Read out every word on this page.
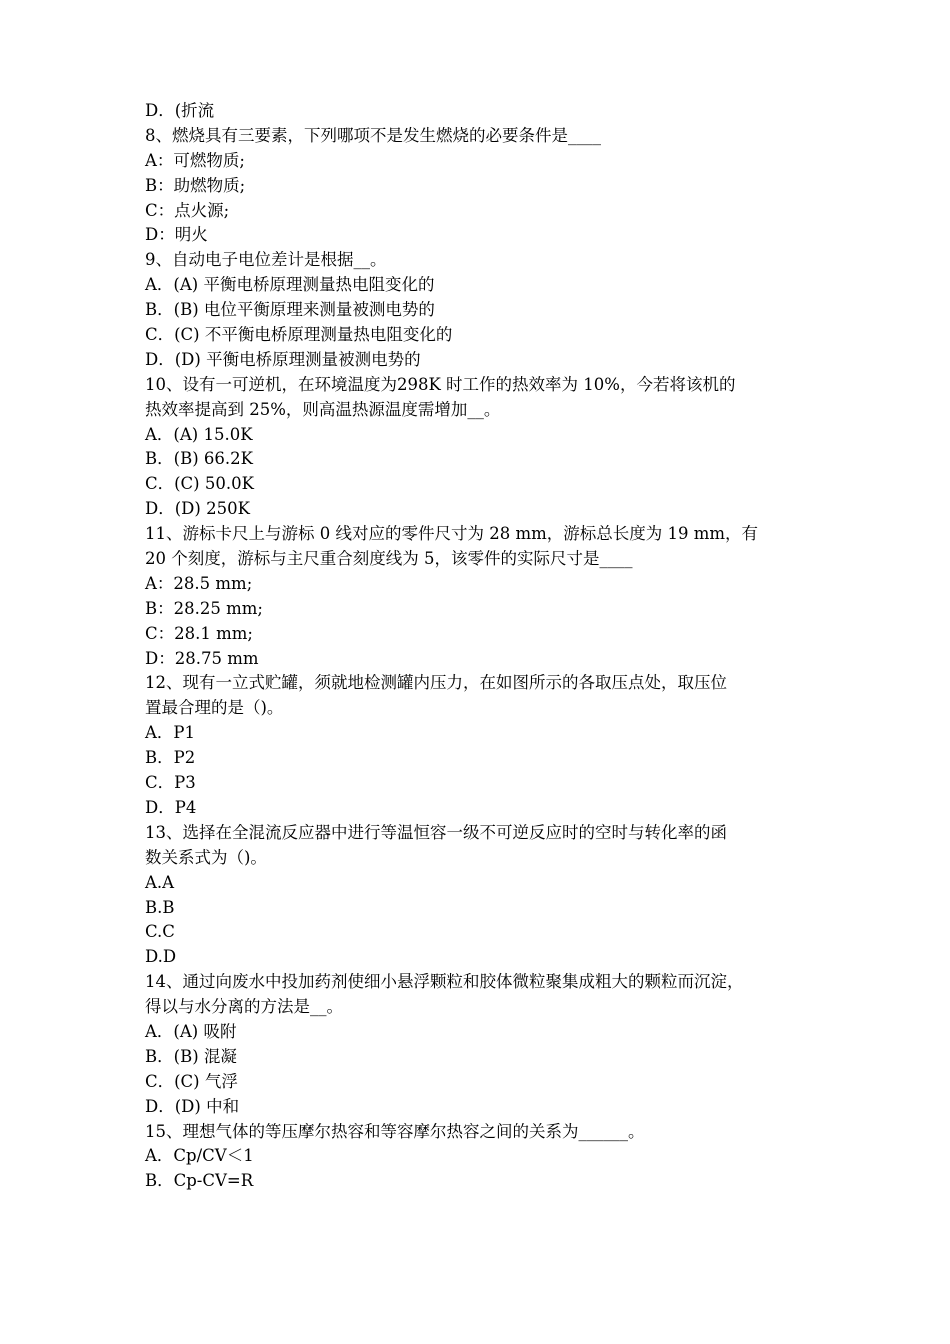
D．(折流
8、燃烧具有三要素，下列哪项不是发生燃烧的必要条件是____
A：可燃物质;
B：助燃物质;
C：点火源;
D：明火
9、自动电子电位差计是根据__。
A．(A) 平衡电桥原理测量热电阻变化的
B．(B) 电位平衡原理来测量被测电势的
C．(C) 不平衡电桥原理测量热电阻变化的
D．(D) 平衡电桥原理测量被测电势的
10、设有一可逆机，在环境温度为298K 时工作的热效率为 10%，今若将该机的
热效率提高到 25%，则高温热源温度需增加__。
A．(A) 15.0K
B．(B) 66.2K
C．(C) 50.0K
D．(D) 250K
11、游标卡尺上与游标 0 线对应的零件尺寸为 28 mm，游标总长度为 19 mm，有
20 个刻度，游标与主尺重合刻度线为 5，该零件的实际尺寸是____
A：28.5 mm;
B：28.25 mm;
C：28.1 mm;
D：28.75 mm
12、现有一立式贮罐，须就地检测罐内压力，在如图所示的各取压点处，取压位
置最合理的是（)。
A．P1
B．P2
C．P3
D．P4
13、选择在全混流反应器中进行等温恒容一级不可逆反应时的空时与转化率的函
数关系式为（)。
A.A
B.B
C.C
D.D
14、通过向废水中投加药剂使细小悬浮颗粒和胶体微粒聚集成粗大的颗粒而沉淀，
得以与水分离的方法是__。
A．(A) 吸附
B．(B) 混凝
C．(C) 气浮
D．(D) 中和
15、理想气体的等压摩尔热容和等容摩尔热容之间的关系为______。
A．Cp/CV＜1
B．Cp-CV=R
